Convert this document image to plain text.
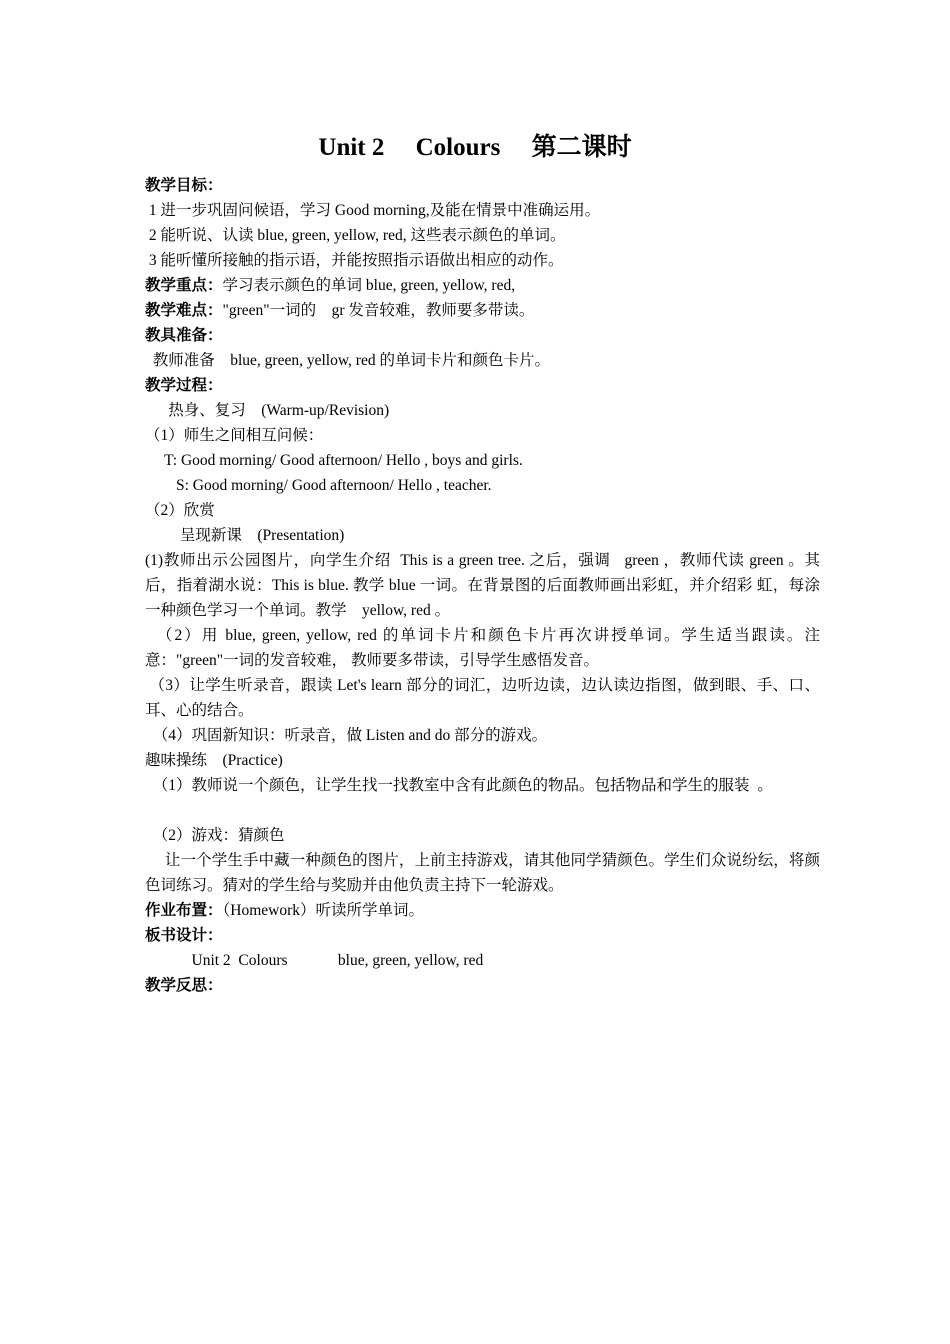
Unit 2     Colours     第二课时
教学目标：
1 进一步巩固问候语，学习 Good morning,及能在情景中准确运用。
2 能听说、认读 blue, green, yellow, red, 这些表示颜色的单词。
3 能听懂所接触的指示语，并能按照指示语做出相应的动作。
教学重点：学习表示颜色的单词 blue, green, yellow, red,
教学难点："green"一词的    gr 发音较难，教师要多带读。
教具准备：
教师准备    blue, green, yellow, red 的单词卡片和颜色卡片。
教学过程：
热身、复习    (Warm-up/Revision)
（1）师生之间相互问候：
T: Good morning/ Good afternoon/ Hello , boys and girls.
S: Good morning/ Good afternoon/ Hello , teacher.
（2）欣赏
呈现新课    (Presentation)
(1)教师出示公园图片，向学生介绍  This is a green tree. 之后，强调   green ，教师代读 green 。其后，指着湖水说：This is blue. 教学 blue 一词。在背景图的后面教师画出彩虹，并介绍彩 虹，每涂一种颜色学习一个单词。教学    yellow, red 。
（2）用 blue, green, yellow, red 的单词卡片和颜色卡片再次讲授单词。学生适当跟读。注意："green"一词的发音较难， 教师要多带读，引导学生感悟发音。
（3）让学生听录音，跟读 Let's learn 部分的词汇，边听边读，边认读边指图，做到眼、手、口、耳、心的结合。
（4）巩固新知识：听录音，做 Listen and do 部分的游戏。
趣味操练    (Practice)
（1）教师说一个颜色，让学生找一找教室中含有此颜色的物品。包括物品和学生的服装  。
（2）游戏：猜颜色
让一个学生手中藏一种颜色的图片，上前主持游戏，请其他同学猜颜色。学生们众说纷纭，将颜色词练习。猜对的学生给与奖励并由他负责主持下一轮游戏。
作业布置：（Homework）听读所学单词。
板书设计：
Unit 2  Colours             blue, green, yellow, red
教学反思：
